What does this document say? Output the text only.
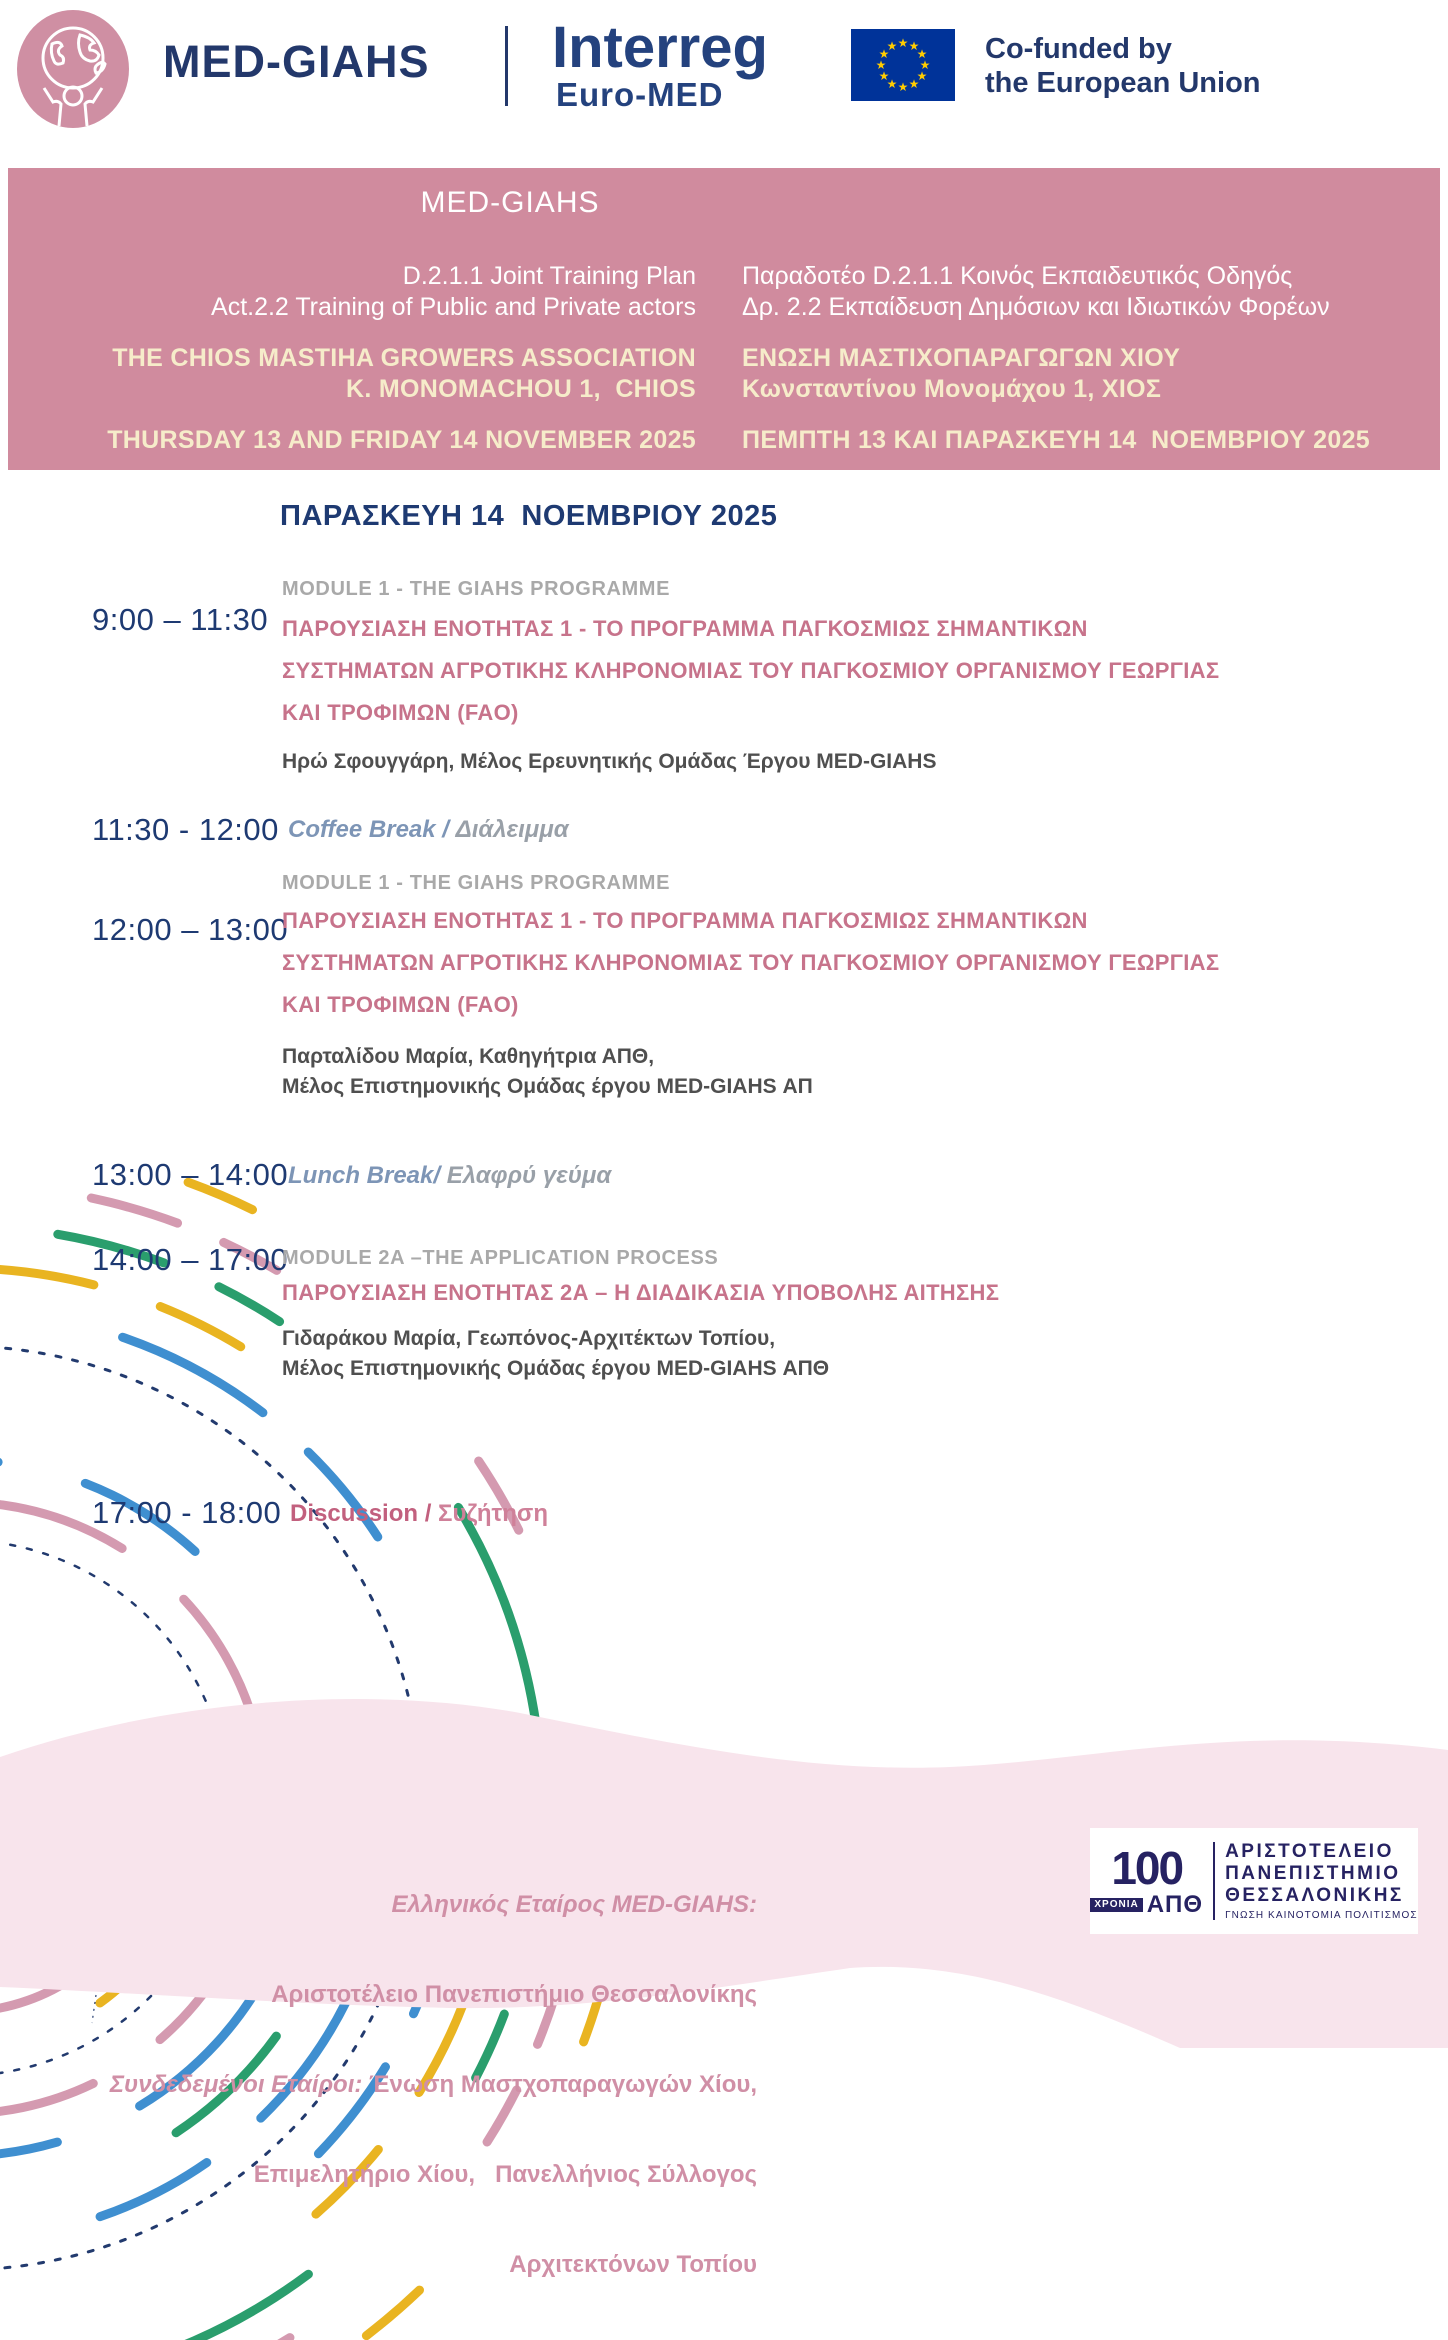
MED-GIAHS Interreg
Euro-MED
★ ★
★
★
★
★
★
★
★
★
★
★	Co-funded by
the European Union
MED-GIAHS

D.2.1.1 Joint Training Plan

Act.2.2 Training of Public and Private actors

THE CHIOS MASTIHA GROWERS ASSOCIATION

K. MONOMACHOU 1,  CHIOS

THURSDAY 13 AND FRIDAY 14 NOVEMBER 2025

Παραδοτέο D.2.1.1 Κοινός Εκπαιδευτικός Οδηγός

Δρ. 2.2 Εκπαίδευση Δημόσιων και Ιδιωτικών Φορέων

ΕΝΩΣΗ ΜΑΣΤΙΧΟΠΑΡΑΓΩΓΩΝ ΧΙΟΥ

Κωνσταντίνου Μονομάχου 1, ΧΙΟΣ

ΠΕΜΠΤΗ 13 ΚΑΙ ΠΑΡΑΣΚΕΥΗ 14  ΝΟΕΜΒΡΙΟΥ 2025

ΠΑΡΑΣΚΕΥΗ 14  ΝΟΕΜΒΡΙΟΥ 2025
MODULE 1 - THE GIAHS PROGRAMME
9:00 – 11:30 ΠΑΡΟΥΣΙΑΣΗ ΕΝΟΤΗΤΑΣ 1 - ΤΟ ΠΡΟΓΡΑΜΜΑ ΠΑΓΚΟΣΜΙΩΣ ΣΗΜΑΝΤΙΚΩΝ
ΣΥΣΤΗΜΑΤΩΝ ΑΓΡΟΤΙΚΗΣ ΚΛΗΡΟΝΟΜΙΑΣ ΤΟΥ ΠΑΓΚΟΣΜΙΟΥ ΟΡΓΑΝΙΣΜΟΥ ΓΕΩΡΓΙΑΣ
ΚΑΙ ΤΡΟΦΙΜΩΝ (FAO)
Ηρώ Σφουγγάρη, Μέλος Ερευνητικής Ομάδας Έργου MED-GIAHS
11:30 - 12:00 Coffee Break / Διάλειμμα
MODULE 1 - THE GIAHS PROGRAMME
12:00 – 13:00
ΠΑΡΟΥΣΙΑΣΗ ΕΝΟΤΗΤΑΣ 1 - ΤΟ ΠΡΟΓΡΑΜΜΑ ΠΑΓΚΟΣΜΙΩΣ ΣΗΜΑΝΤΙΚΩΝ
ΣΥΣΤΗΜΑΤΩΝ ΑΓΡΟΤΙΚΗΣ ΚΛΗΡΟΝΟΜΙΑΣ ΤΟΥ ΠΑΓΚΟΣΜΙΟΥ ΟΡΓΑΝΙΣΜΟΥ ΓΕΩΡΓΙΑΣ
ΚΑΙ ΤΡΟΦΙΜΩΝ (FAO)
Παρταλίδου Μαρία, Καθηγήτρια ΑΠΘ,
Μέλος Επιστημονικής Ομάδας έργου MED-GIAHS ΑΠ
13:00 – 14:00 Lunch Break/ Ελαφρύ γεύμα
14:00 – 17:00
MODULE 2A –THE APPLICATION PROCESS
ΠΑΡΟΥΣΙΑΣΗ ΕΝΟΤΗΤΑΣ 2Α – Η ΔΙΑΔΙΚΑΣΙΑ ΥΠΟΒΟΛΗΣ ΑΙΤΗΣΗΣ
Γιδαράκου Μαρία, Γεωπόνος-Αρχιτέκτων Τοπίου,
Μέλος Επιστημονικής Ομάδας έργου MED-GIAHS ΑΠΘ
17:00 - 18:00 Discussion / Συζήτηση

Ελληνικός Εταίρος MED-GIAHS:

Αριστοτέλειο Πανεπιστήμιο Θεσσαλονίκης

Συνδεδεμένοι Εταίροι: Ένωση Μαστχοπαραγωγών Χίου,

Επιμελητήριο Χίου,   Πανελλήνιος Σύλλογος

Αρχιτεκτόνων Τοπίου

100
ΧΡΟΝΙΑ ΑΠΘ
ΑΡΙΣΤΟΤΕΛΕΙΟ
ΠΑΝΕΠΙΣΤΗΜΙΟ
ΘΕΣΣΑΛΟΝΙΚΗΣ
ΓΝΩΣΗ ΚΑΙΝΟΤΟΜΙΑ ΠΟΛΙΤΙΣΜΟΣ
